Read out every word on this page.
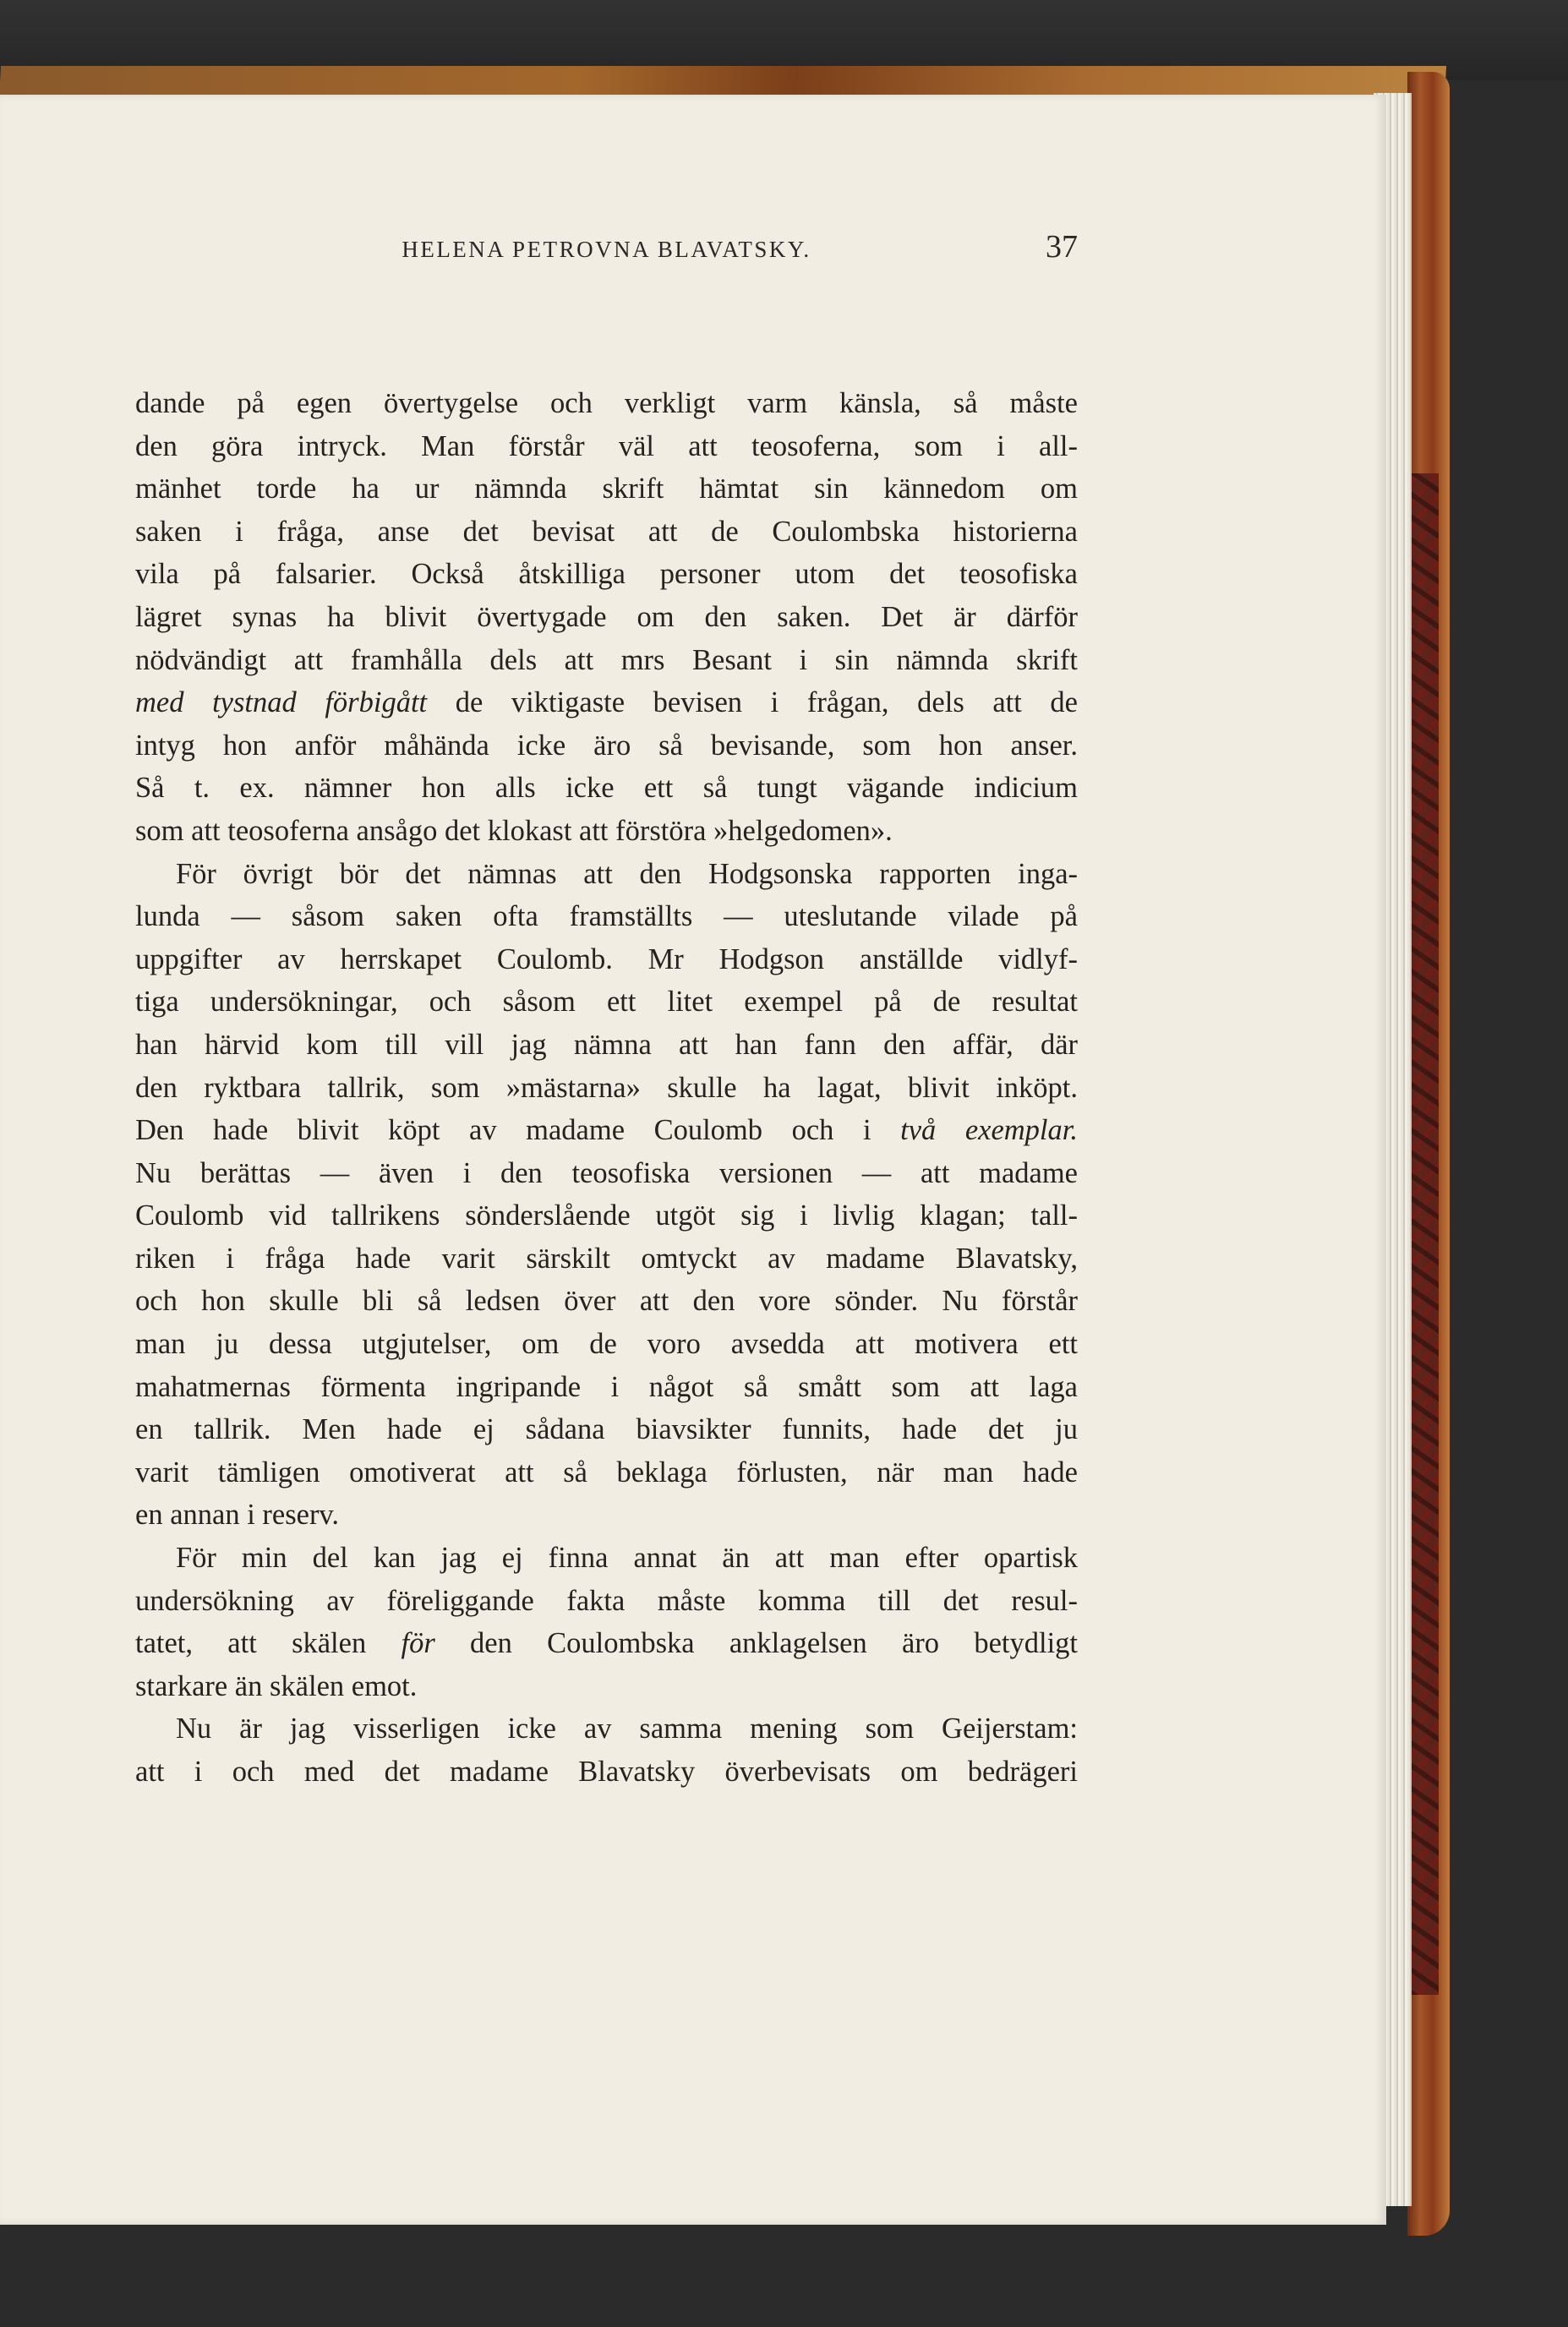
HELENA PETROVNA BLAVATSKY.	37
dande på egen övertygelse och verkligt varm känsla, så måste
den göra intryck. Man förstår väl att teosoferna, som i all-
mänhet torde ha ur nämnda skrift hämtat sin kännedom om
saken i fråga, anse det bevisat att de Coulombska historierna
vila på falsarier. Också åtskilliga personer utom det teosofiska
lägret synas ha blivit övertygade om den saken. Det är därför
nödvändigt att framhålla dels att mrs Besant i sin nämnda skrift
med tystnad förbigått de viktigaste bevisen i frågan, dels att de
intyg hon anför måhända icke äro så bevisande, som hon anser.
Så t. ex. nämner hon alls icke ett så tungt vägande indicium
som att teosoferna ansågo det klokast att förstöra »helgedomen».
För övrigt bör det nämnas att den Hodgsonska rapporten inga-
lunda — såsom saken ofta framställts — uteslutande vilade på
uppgifter av herrskapet Coulomb. Mr Hodgson anställde vidlyf-
tiga undersökningar, och såsom ett litet exempel på de resultat
han härvid kom till vill jag nämna att han fann den affär, där
den ryktbara tallrik, som »mästarna» skulle ha lagat, blivit inköpt.
Den hade blivit köpt av madame Coulomb och i två exemplar.
Nu berättas — även i den teosofiska versionen — att madame
Coulomb vid tallrikens sönderslående utgöt sig i livlig klagan; tall-
riken i fråga hade varit särskilt omtyckt av madame Blavatsky,
och hon skulle bli så ledsen över att den vore sönder. Nu förstår
man ju dessa utgjutelser, om de voro avsedda att motivera ett
mahatmernas förmenta ingripande i något så smått som att laga
en tallrik. Men hade ej sådana biavsikter funnits, hade det ju
varit tämligen omotiverat att så beklaga förlusten, när man hade
en annan i reserv.
För min del kan jag ej finna annat än att man efter opartisk
undersökning av föreliggande fakta måste komma till det resul-
tatet, att skälen för den Coulombska anklagelsen äro betydligt
starkare än skälen emot.
Nu är jag visserligen icke av samma mening som Geijerstam:
att i och med det madame Blavatsky överbevisats om bedrägeri
